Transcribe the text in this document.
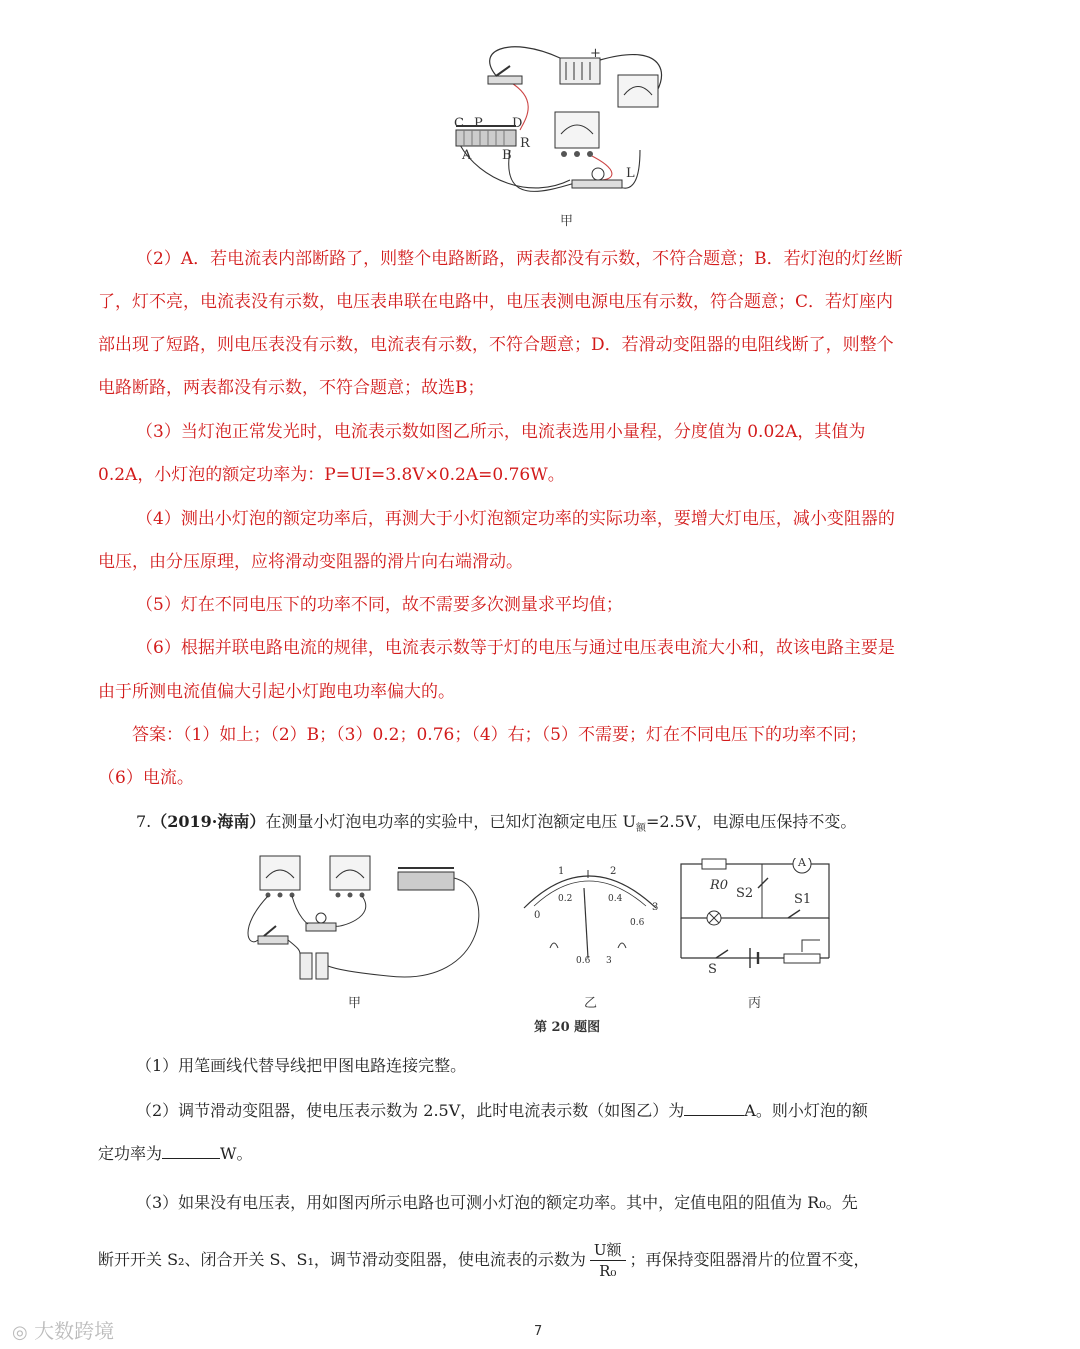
C P D
A B
R
L
+
甲
（2）A．若电流表内部断路了，则整个电路断路，两表都没有示数，不符合题意；B．若灯泡的灯丝断
了，灯不亮，电流表没有示数，电压表串联在电路中，电压表测电源电压有示数，符合题意；C．若灯座内
部出现了短路，则电压表没有示数，电流表有示数，不符合题意；D．若滑动变阻器的电阻线断了，则整个
电路断路，两表都没有示数，不符合题意；故选B；
（3）当灯泡正常发光时，电流表示数如图乙所示，电流表选用小量程，分度值为 0.02A，其值为
0.2A，小灯泡的额定功率为：P=UI=3.8V×0.2A=0.76W。
（4）测出小灯泡的额定功率后，再测大于小灯泡额定功率的实际功率，要增大灯电压，减小变阻器的
电压，由分压原理，应将滑动变阻器的滑片向右端滑动。
（5）灯在不同电压下的功率不同，故不需要多次测量求平均值；
（6）根据并联电路电流的规律，电流表示数等于灯的电压与通过电压表电流大小和，故该电路主要是
由于所测电流值偏大引起小灯跑电功率偏大的。
答案：（1）如上；（2）B；（3）0.2；0.76；（4）右；（5）不需要；灯在不同电压下的功率不同；
（6）电流。
7.（2019·海南）在测量小灯泡电功率的实验中，已知灯泡额定电压 $U_额=2.5V$，电源电压保持不变。
0
1	2
3
0.2	0.4
0.6
0.6 3
R0
S2
A
S1
S
甲	乙	丙
第 20 题图
（1）用笔画线代替导线把甲图电路连接完整。
（2）调节滑动变阻器，使电压表示数为 2.5V，此时电流表示数（如图乙）为	A。则小灯泡的额
定功率为	W。
（3）如果没有电压表，用如图丙所示电路也可测小灯泡的额定功率。其中，定值电阻的阻值为 R₀。先
断开开关 S₂、闭合开关 S、S₁，调节滑动变阻器，使电流表的示数为 $\frac{\text{U额}}{\text{R₀}}$ ；再保持变阻器滑片的位置不变，
◎ 大数跨境	7
